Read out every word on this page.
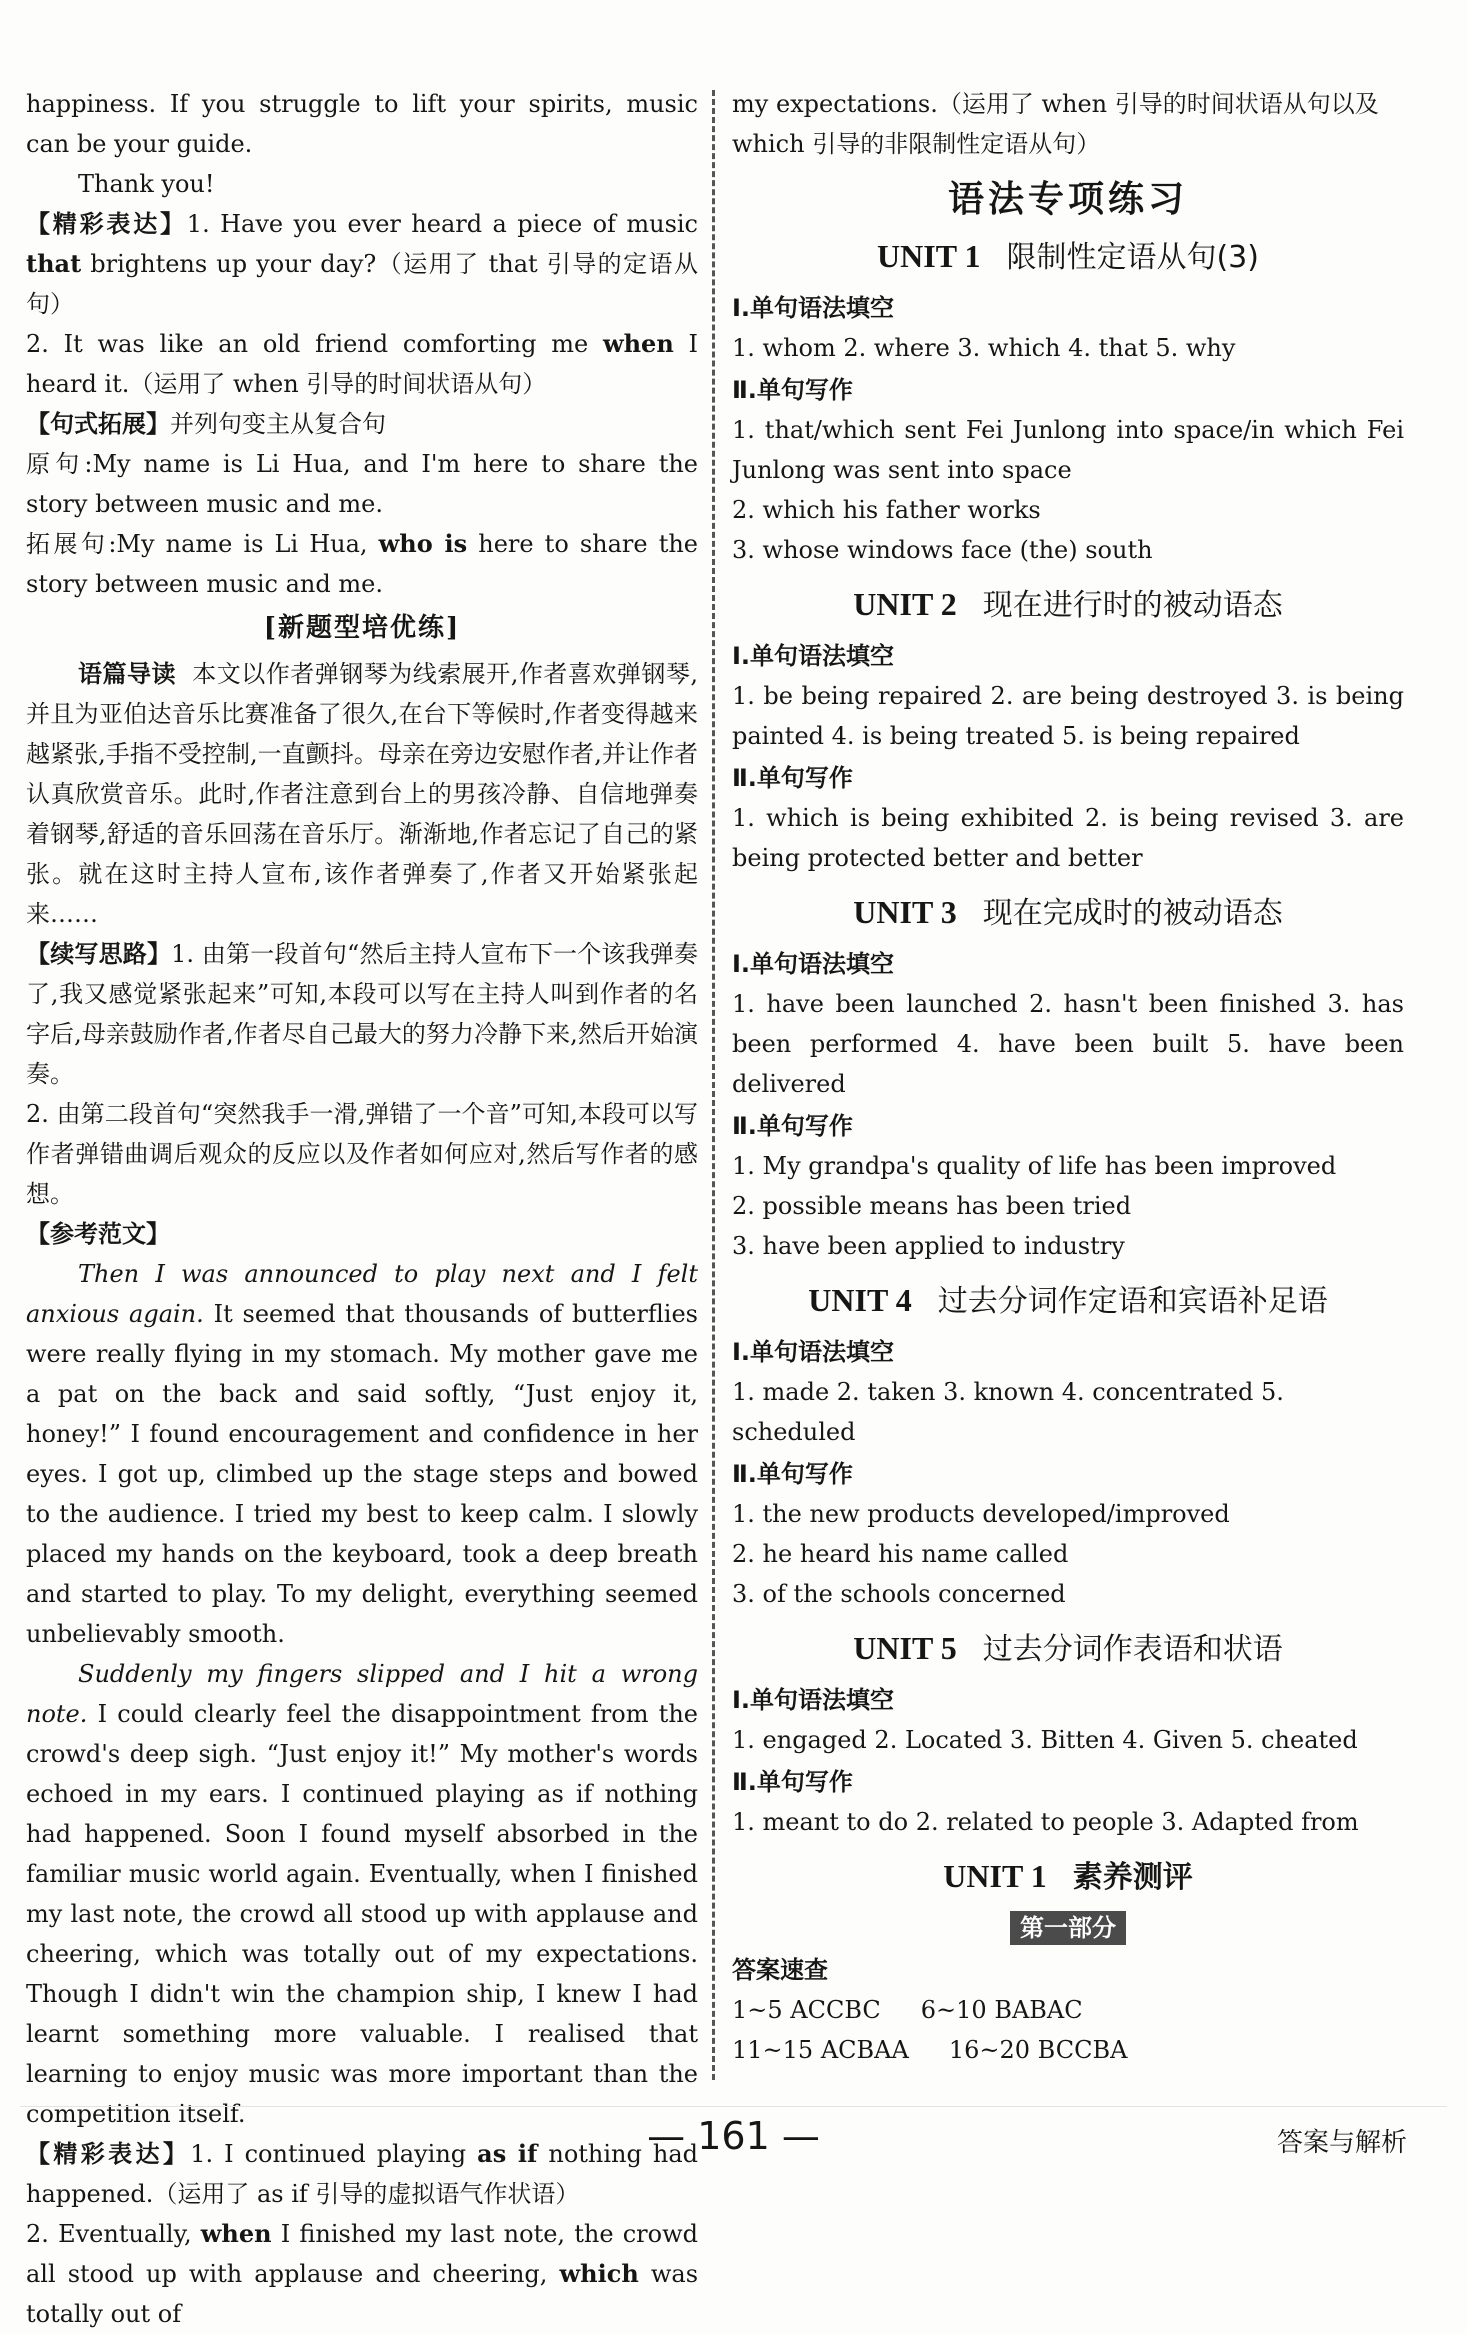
happiness. If you struggle to lift your spirits, music can be your guide.

Thank you!

【精彩表达】1. Have you ever heard a piece of music that brightens up your day?（运用了 that 引导的定语从句）

2. It was like an old friend comforting me when I heard it.（运用了 when 引导的时间状语从句）

【句式拓展】并列句变主从复合句

原句:My name is Li Hua, and I'm here to share the story between music and me.

拓展句:My name is Li Hua, who is here to share the story between music and me.

[新题型培优练]

语篇导读 本文以作者弹钢琴为线索展开,作者喜欢弹钢琴,并且为亚伯达音乐比赛准备了很久,在台下等候时,作者变得越来越紧张,手指不受控制,一直颤抖。母亲在旁边安慰作者,并让作者认真欣赏音乐。此时,作者注意到台上的男孩冷静、自信地弹奏着钢琴,舒适的音乐回荡在音乐厅。渐渐地,作者忘记了自己的紧张。就在这时主持人宣布,该作者弹奏了,作者又开始紧张起来……

【续写思路】1. 由第一段首句“然后主持人宣布下一个该我弹奏了,我又感觉紧张起来”可知,本段可以写在主持人叫到作者的名字后,母亲鼓励作者,作者尽自己最大的努力冷静下来,然后开始演奏。

2. 由第二段首句“突然我手一滑,弹错了一个音”可知,本段可以写作者弹错曲调后观众的反应以及作者如何应对,然后写作者的感想。

【参考范文】

Then I was announced to play next and I felt anxious again. It seemed that thousands of butterflies were really flying in my stomach. My mother gave me a pat on the back and said softly, “Just enjoy it, honey!” I found encouragement and confidence in her eyes. I got up, climbed up the stage steps and bowed to the audience. I tried my best to keep calm. I slowly placed my hands on the keyboard, took a deep breath and started to play. To my delight, everything seemed unbelievably smooth.

Suddenly my fingers slipped and I hit a wrong note. I could clearly feel the disappointment from the crowd's deep sigh. “Just enjoy it!” My mother's words echoed in my ears. I continued playing as if nothing had happened. Soon I found myself absorbed in the familiar music world again. Eventually, when I finished my last note, the crowd all stood up with applause and cheering, which was totally out of my expectations. Though I didn't win the champion ship, I knew I had learnt something more valuable. I realised that learning to enjoy music was more important than the competition itself.

【精彩表达】1. I continued playing as if nothing had happened.（运用了 as if 引导的虚拟语气作状语）

2. Eventually, when I finished my last note, the crowd all stood up with applause and cheering, which was totally out of

my expectations.（运用了 when 引导的时间状语从句以及 which 引导的非限制性定语从句）

语法专项练习

UNIT 1 限制性定语从句(3)

Ⅰ.单句语法填空

1. whom 2. where 3. which 4. that 5. why

Ⅱ.单句写作

1. that/which sent Fei Junlong into space/in which Fei Junlong was sent into space

2. which his father works

3. whose windows face (the) south

UNIT 2 现在进行时的被动语态

Ⅰ.单句语法填空

1. be being repaired 2. are being destroyed 3. is being painted 4. is being treated 5. is being repaired

Ⅱ.单句写作

1. which is being exhibited 2. is being revised 3. are being protected better and better

UNIT 3 现在完成时的被动语态

Ⅰ.单句语法填空

1. have been launched 2. hasn't been finished 3. has been performed 4. have been built 5. have been delivered

Ⅱ.单句写作

1. My grandpa's quality of life has been improved

2. possible means has been tried

3. have been applied to industry

UNIT 4 过去分词作定语和宾语补足语

Ⅰ.单句语法填空

1. made 2. taken 3. known 4. concentrated 5. scheduled

Ⅱ.单句写作

1. the new products developed/improved

2. he heard his name called

3. of the schools concerned

UNIT 5 过去分词作表语和状语

Ⅰ.单句语法填空

1. engaged 2. Located 3. Bitten 4. Given 5. cheated

Ⅱ.单句写作

1. meant to do 2. related to people 3. Adapted from

UNIT 1 素养测评

第一部分

答案速查

1~5 ACCBC 6~10 BABAC

11~15 ACBAA 16~20 BCCBA

— 161 —	答案与解析
